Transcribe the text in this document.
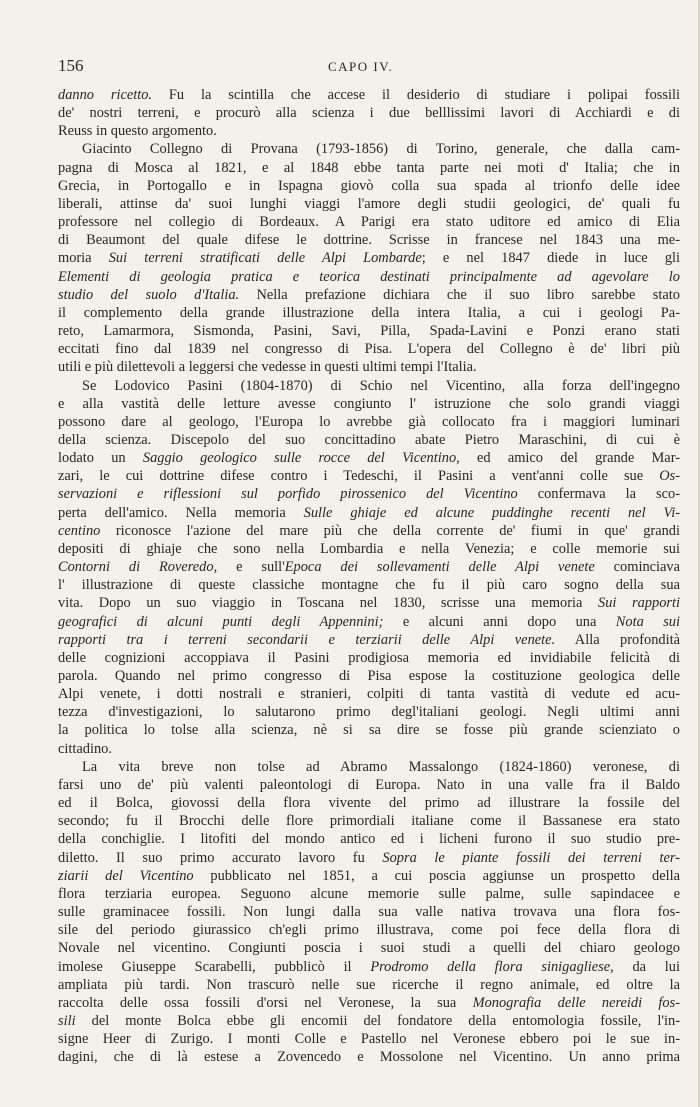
156	CAPO IV.

danno ricetto. Fu la scintilla che accese il desiderio di studiare i polipai fossili
de' nostri terreni, e procurò alla scienza i due belllissimi lavori di Acchiardi e di
Reuss in questo argomento.

Giacinto Collegno di Provana (1793-1856) di Torino, generale, che dalla cam-
pagna di Mosca al 1821, e al 1848 ebbe tanta parte nei moti d' Italia; che in
Grecia, in Portogallo e in Ispagna giovò colla sua spada al trionfo delle idee
liberali, attinse da' suoi lunghi viaggi l'amore degli studii geologici, de' quali fu
professore nel collegio di Bordeaux. A Parigi era stato uditore ed amico di Elia
di Beaumont del quale difese le dottrine. Scrisse in francese nel 1843 una me-
moria Sui terreni stratificati delle Alpi Lombarde; e nel 1847 diede in luce gli
Elementi di geologia pratica e teorica destinati principalmente ad agevolare lo
studio del suolo d'Italia. Nella prefazione dichiara che il suo libro sarebbe stato
il complemento della grande illustrazione della intera Italia, a cui i geologi Pa-
reto, Lamarmora, Sismonda, Pasini, Savi, Pilla, Spada-Lavini e Ponzi erano stati
eccitati fino dal 1839 nel congresso di Pisa. L'opera del Collegno è de' libri più
utili e più dilettevoli a leggersi che vedesse in questi ultimi tempi l'Italia.

Se Lodovico Pasini (1804-1870) di Schio nel Vicentino, alla forza dell'ingegno
e alla vastità delle letture avesse congiunto l' istruzione che solo grandi viaggi
possono dare al geologo, l'Europa lo avrebbe già collocato fra i maggiori luminari
della scienza. Discepolo del suo concittadino abate Pietro Maraschini, di cui è
lodato un Saggio geologico sulle rocce del Vicentino, ed amico del grande Mar-
zari, le cui dottrine difese contro i Tedeschi, il Pasini a vent'anni colle sue Os-
servazioni e riflessioni sul porfido pirossenico del Vicentino confermava la sco-
perta dell'amico. Nella memoria Sulle ghiaje ed alcune puddinghe recenti nel Vi-
centino riconosce l'azione del mare più che della corrente de' fiumi in que' grandi
depositi di ghiaje che sono nella Lombardia e nella Venezia; e colle memorie sui
Contorni di Roveredo, e sull'Epoca dei sollevamenti delle Alpi venete cominciava
l' illustrazione di queste classiche montagne che fu il più caro sogno della sua
vita. Dopo un suo viaggio in Toscana nel 1830, scrisse una memoria Sui rapporti
geografici di alcuni punti degli Appennini; e alcuni anni dopo una Nota sui
rapporti tra i terreni secondarii e terziarii delle Alpi venete. Alla profondità
delle cognizioni accoppiava il Pasini prodigiosa memoria ed invidiabile felicità di
parola. Quando nel primo congresso di Pisa espose la costituzione geologica delle
Alpi venete, i dotti nostrali e stranieri, colpiti di tanta vastità di vedute ed acu-
tezza d'investigazioni, lo salutarono primo degl'italiani geologi. Negli ultimi anni
la politica lo tolse alla scienza, nè si sa dire se fosse più grande scienziato o
cittadino.

La vita breve non tolse ad Abramo Massalongo (1824-1860) veronese, di
farsi uno de' più valenti paleontologi di Europa. Nato in una valle fra il Baldo
ed il Bolca, giovossi della flora vivente del primo ad illustrare la fossile del
secondo; fu il Brocchi delle flore primordiali italiane come il Bassanese era stato
della conchiglie. I litofiti del mondo antico ed i licheni furono il suo studio pre-
diletto. Il suo primo accurato lavoro fu Sopra le piante fossili dei terreni ter-
ziarii del Vicentino pubblicato nel 1851, a cui poscia aggiunse un prospetto della
flora terziaria europea. Seguono alcune memorie sulle palme, sulle sapindacee e
sulle graminacee fossili. Non lungi dalla sua valle nativa trovava una flora fos-
sile del periodo giurassico ch'egli primo illustrava, come poi fece della flora di
Novale nel vicentino. Congiunti poscia i suoi studi a quelli del chiaro geologo
imolese Giuseppe Scarabelli, pubblicò il Prodromo della flora sinigagliese, da lui
ampliata più tardi. Non trascurò nelle sue ricerche il regno animale, ed oltre la
raccolta delle ossa fossili d'orsi nel Veronese, la sua Monografia delle nereidi fos-
sili del monte Bolca ebbe gli encomii del fondatore della entomologia fossile, l'in-
signe Heer di Zurigo. I monti Colle e Pastello nel Veronese ebbero poi le sue in-
dagini, che di là estese a Zovencedo e Mossolone nel Vicentino. Un anno prima
